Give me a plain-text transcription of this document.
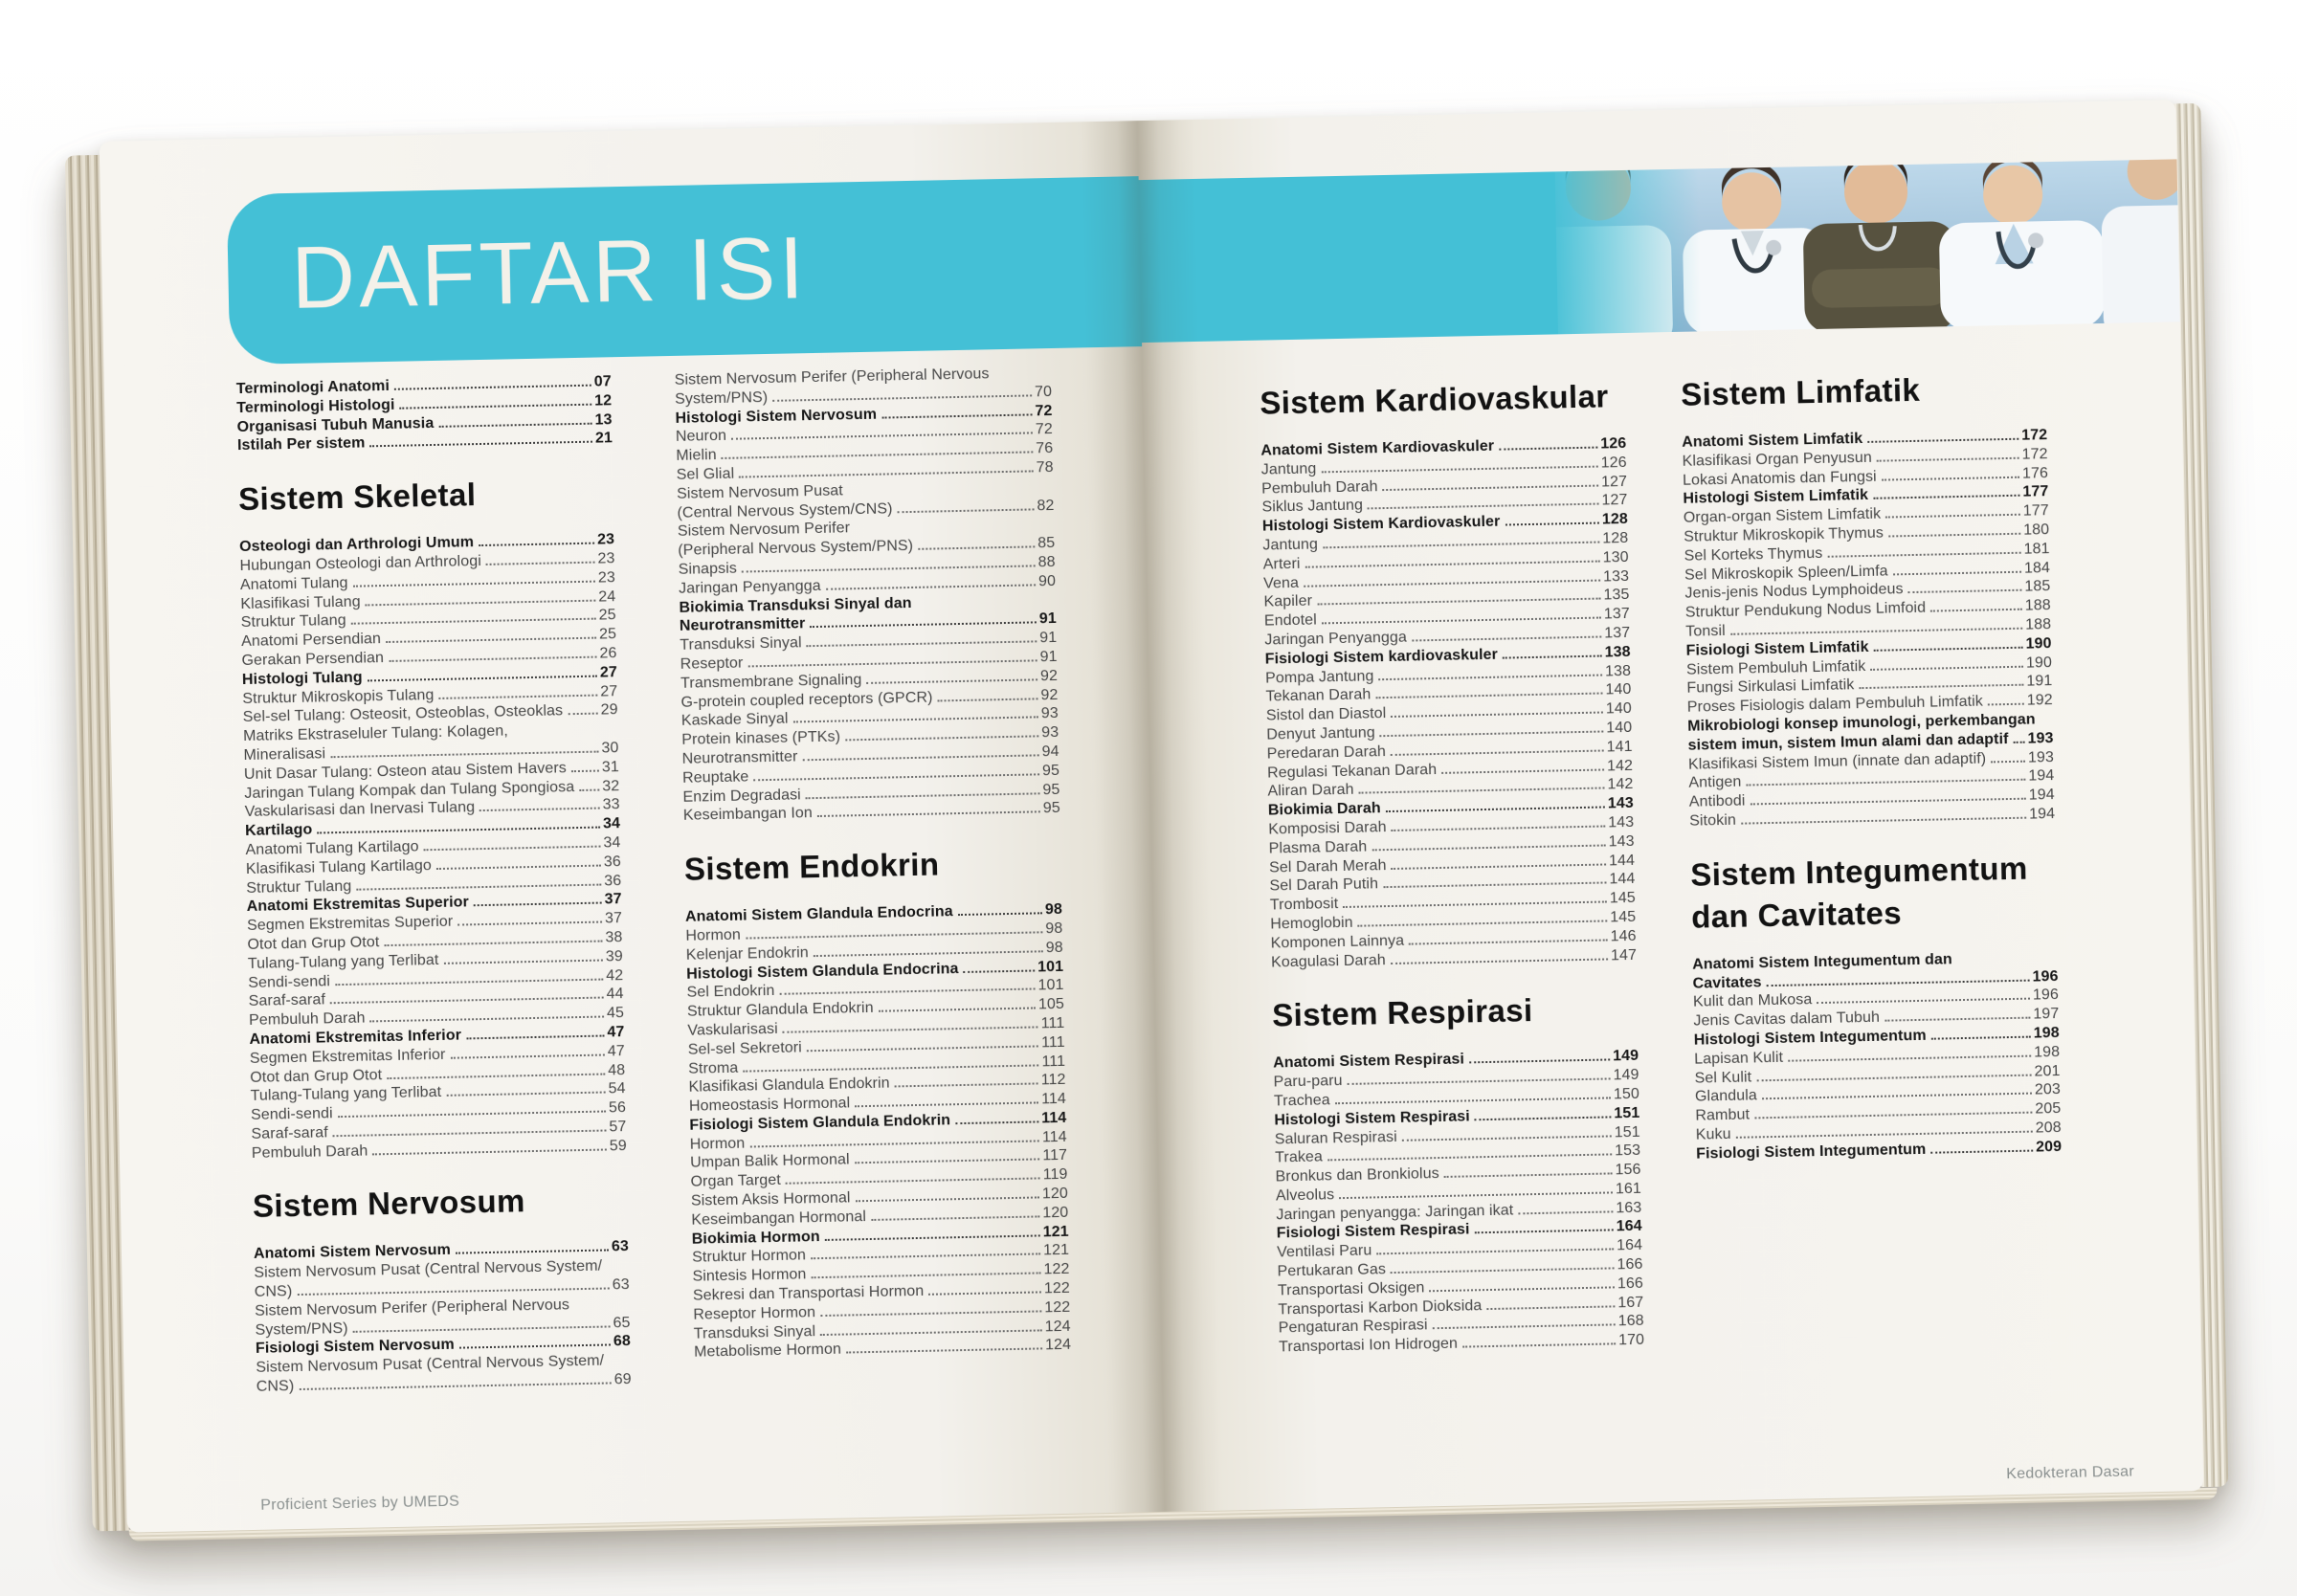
DAFTAR ISI
Terminologi Anatomi	07
Terminologi Histologi	12
Organisasi Tubuh Manusia	13
Istilah Per sistem	21
Sistem Skeletal
Osteologi dan Arthrologi Umum	23
Hubungan Osteologi dan Arthrologi	23
Anatomi Tulang	23
Klasifikasi Tulang	24
Struktur Tulang	25
Anatomi Persendian	25
Gerakan Persendian	26
Histologi Tulang	27
Struktur Mikroskopis Tulang	27
Sel-sel Tulang: Osteosit, Osteoblas, Osteoklas 29
Matriks Ekstraseluler Tulang: Kolagen,
Mineralisasi	30
Unit Dasar Tulang: Osteon atau Sistem Havers 31
Jaringan Tulang Kompak dan Tulang Spongiosa 32
Vaskularisasi dan Inervasi Tulang	33
Kartilago	34
Anatomi Tulang Kartilago	34
Klasifikasi Tulang Kartilago	36
Struktur Tulang	36
Anatomi Ekstremitas Superior	37
Segmen Ekstremitas Superior	37
Otot dan Grup Otot	38
Tulang-Tulang yang Terlibat	39
Sendi-sendi	42
Saraf-saraf	44
Pembuluh Darah	45
Anatomi Ekstremitas Inferior	47
Segmen Ekstremitas Inferior	47
Otot dan Grup Otot	48
Tulang-Tulang yang Terlibat	54
Sendi-sendi	56
Saraf-saraf	57
Pembuluh Darah	59
Sistem Nervosum
Anatomi Sistem Nervosum	63
Sistem Nervosum Pusat (Central Nervous System/
CNS)	63
Sistem Nervosum Perifer (Peripheral Nervous
System/PNS)	65
Fisiologi Sistem Nervosum	68
Sistem Nervosum Pusat (Central Nervous System/
CNS)	69
Sistem Nervosum Perifer (Peripheral Nervous
System/PNS)	70
Histologi Sistem Nervosum	72
Neuron	72
Mielin	76
Sel Glial	78
Sistem Nervosum Pusat
(Central Nervous System/CNS)	82
Sistem Nervosum Perifer
(Peripheral Nervous System/PNS)	85
Sinapsis	88
Jaringan Penyangga	90
Biokimia Transduksi Sinyal dan
Neurotransmitter	91
Transduksi Sinyal	91
Reseptor	91
Transmembrane Signaling	92
G-protein coupled receptors (GPCR)	92
Kaskade Sinyal	93
Protein kinases (PTKs)	93
Neurotransmitter	94
Reuptake	95
Enzim Degradasi	95
Keseimbangan Ion	95
Sistem Endokrin
Anatomi Sistem Glandula Endocrina	98
Hormon	98
Kelenjar Endokrin	98
Histologi Sistem Glandula Endocrina	101
Sel Endokrin	101
Struktur Glandula Endokrin	105
Vaskularisasi	111
Sel-sel Sekretori	111
Stroma	111
Klasifikasi Glandula Endokrin	112
Homeostasis Hormonal	114
Fisiologi Sistem Glandula Endokrin	114
Hormon	114
Umpan Balik Hormonal	117
Organ Target	119
Sistem Aksis Hormonal	120
Keseimbangan Hormonal	120
Biokimia Hormon	121
Struktur Hormon	121
Sintesis Hormon	122
Sekresi dan Transportasi Hormon	122
Reseptor Hormon	122
Transduksi Sinyal	124
Metabolisme Hormon	124
Proficient Series by UMEDS
Sistem Kardiovaskular
Anatomi Sistem Kardiovaskuler	126
Jantung	126
Pembuluh Darah	127
Siklus Jantung	127
Histologi Sistem Kardiovaskuler	128
Jantung	128
Arteri	130
Vena	133
Kapiler	135
Endotel	137
Jaringan Penyangga	137
Fisiologi Sistem kardiovaskuler	138
Pompa Jantung	138
Tekanan Darah	140
Sistol dan Diastol	140
Denyut Jantung	140
Peredaran Darah	141
Regulasi Tekanan Darah	142
Aliran Darah	142
Biokimia Darah	143
Komposisi Darah	143
Plasma Darah	143
Sel Darah Merah	144
Sel Darah Putih	144
Trombosit	145
Hemoglobin	145
Komponen Lainnya	146
Koagulasi Darah	147
Sistem Respirasi
Anatomi Sistem Respirasi	149
Paru-paru	149
Trachea	150
Histologi Sistem Respirasi	151
Saluran Respirasi	151
Trakea	153
Bronkus dan Bronkiolus	156
Alveolus	161
Jaringan penyangga: Jaringan ikat	163
Fisiologi Sistem Respirasi	164
Ventilasi Paru	164
Pertukaran Gas	166
Transportasi Oksigen	166
Transportasi Karbon Dioksida	167
Pengaturan Respirasi	168
Transportasi Ion Hidrogen	170
Sistem Limfatik
Anatomi Sistem Limfatik	172
Klasifikasi Organ Penyusun	172
Lokasi Anatomis dan Fungsi	176
Histologi Sistem Limfatik	177
Organ-organ Sistem Limfatik	177
Struktur Mikroskopik Thymus	180
Sel Korteks Thymus	181
Sel Mikroskopik Spleen/Limfa	184
Jenis-jenis Nodus Lymphoideus	185
Struktur Pendukung Nodus Limfoid	188
Tonsil	188
Fisiologi Sistem Limfatik	190
Sistem Pembuluh Limfatik	190
Fungsi Sirkulasi Limfatik	191
Proses Fisiologis dalam Pembuluh Limfatik	192
Mikrobiologi konsep imunologi, perkembangan
sistem imun, sistem Imun alami dan adaptif 193
Klasifikasi Sistem Imun (innate dan adaptif)	193
Antigen	194
Antibodi	194
Sitokin	194
Sistem Integumentum
dan Cavitates
Anatomi Sistem Integumentum dan
Cavitates	196
Kulit dan Mukosa	196
Jenis Cavitas dalam Tubuh	197
Histologi Sistem Integumentum	198
Lapisan Kulit	198
Sel Kulit	201
Glandula	203
Rambut	205
Kuku	208
Fisiologi Sistem Integumentum	209
Kedokteran Dasar
